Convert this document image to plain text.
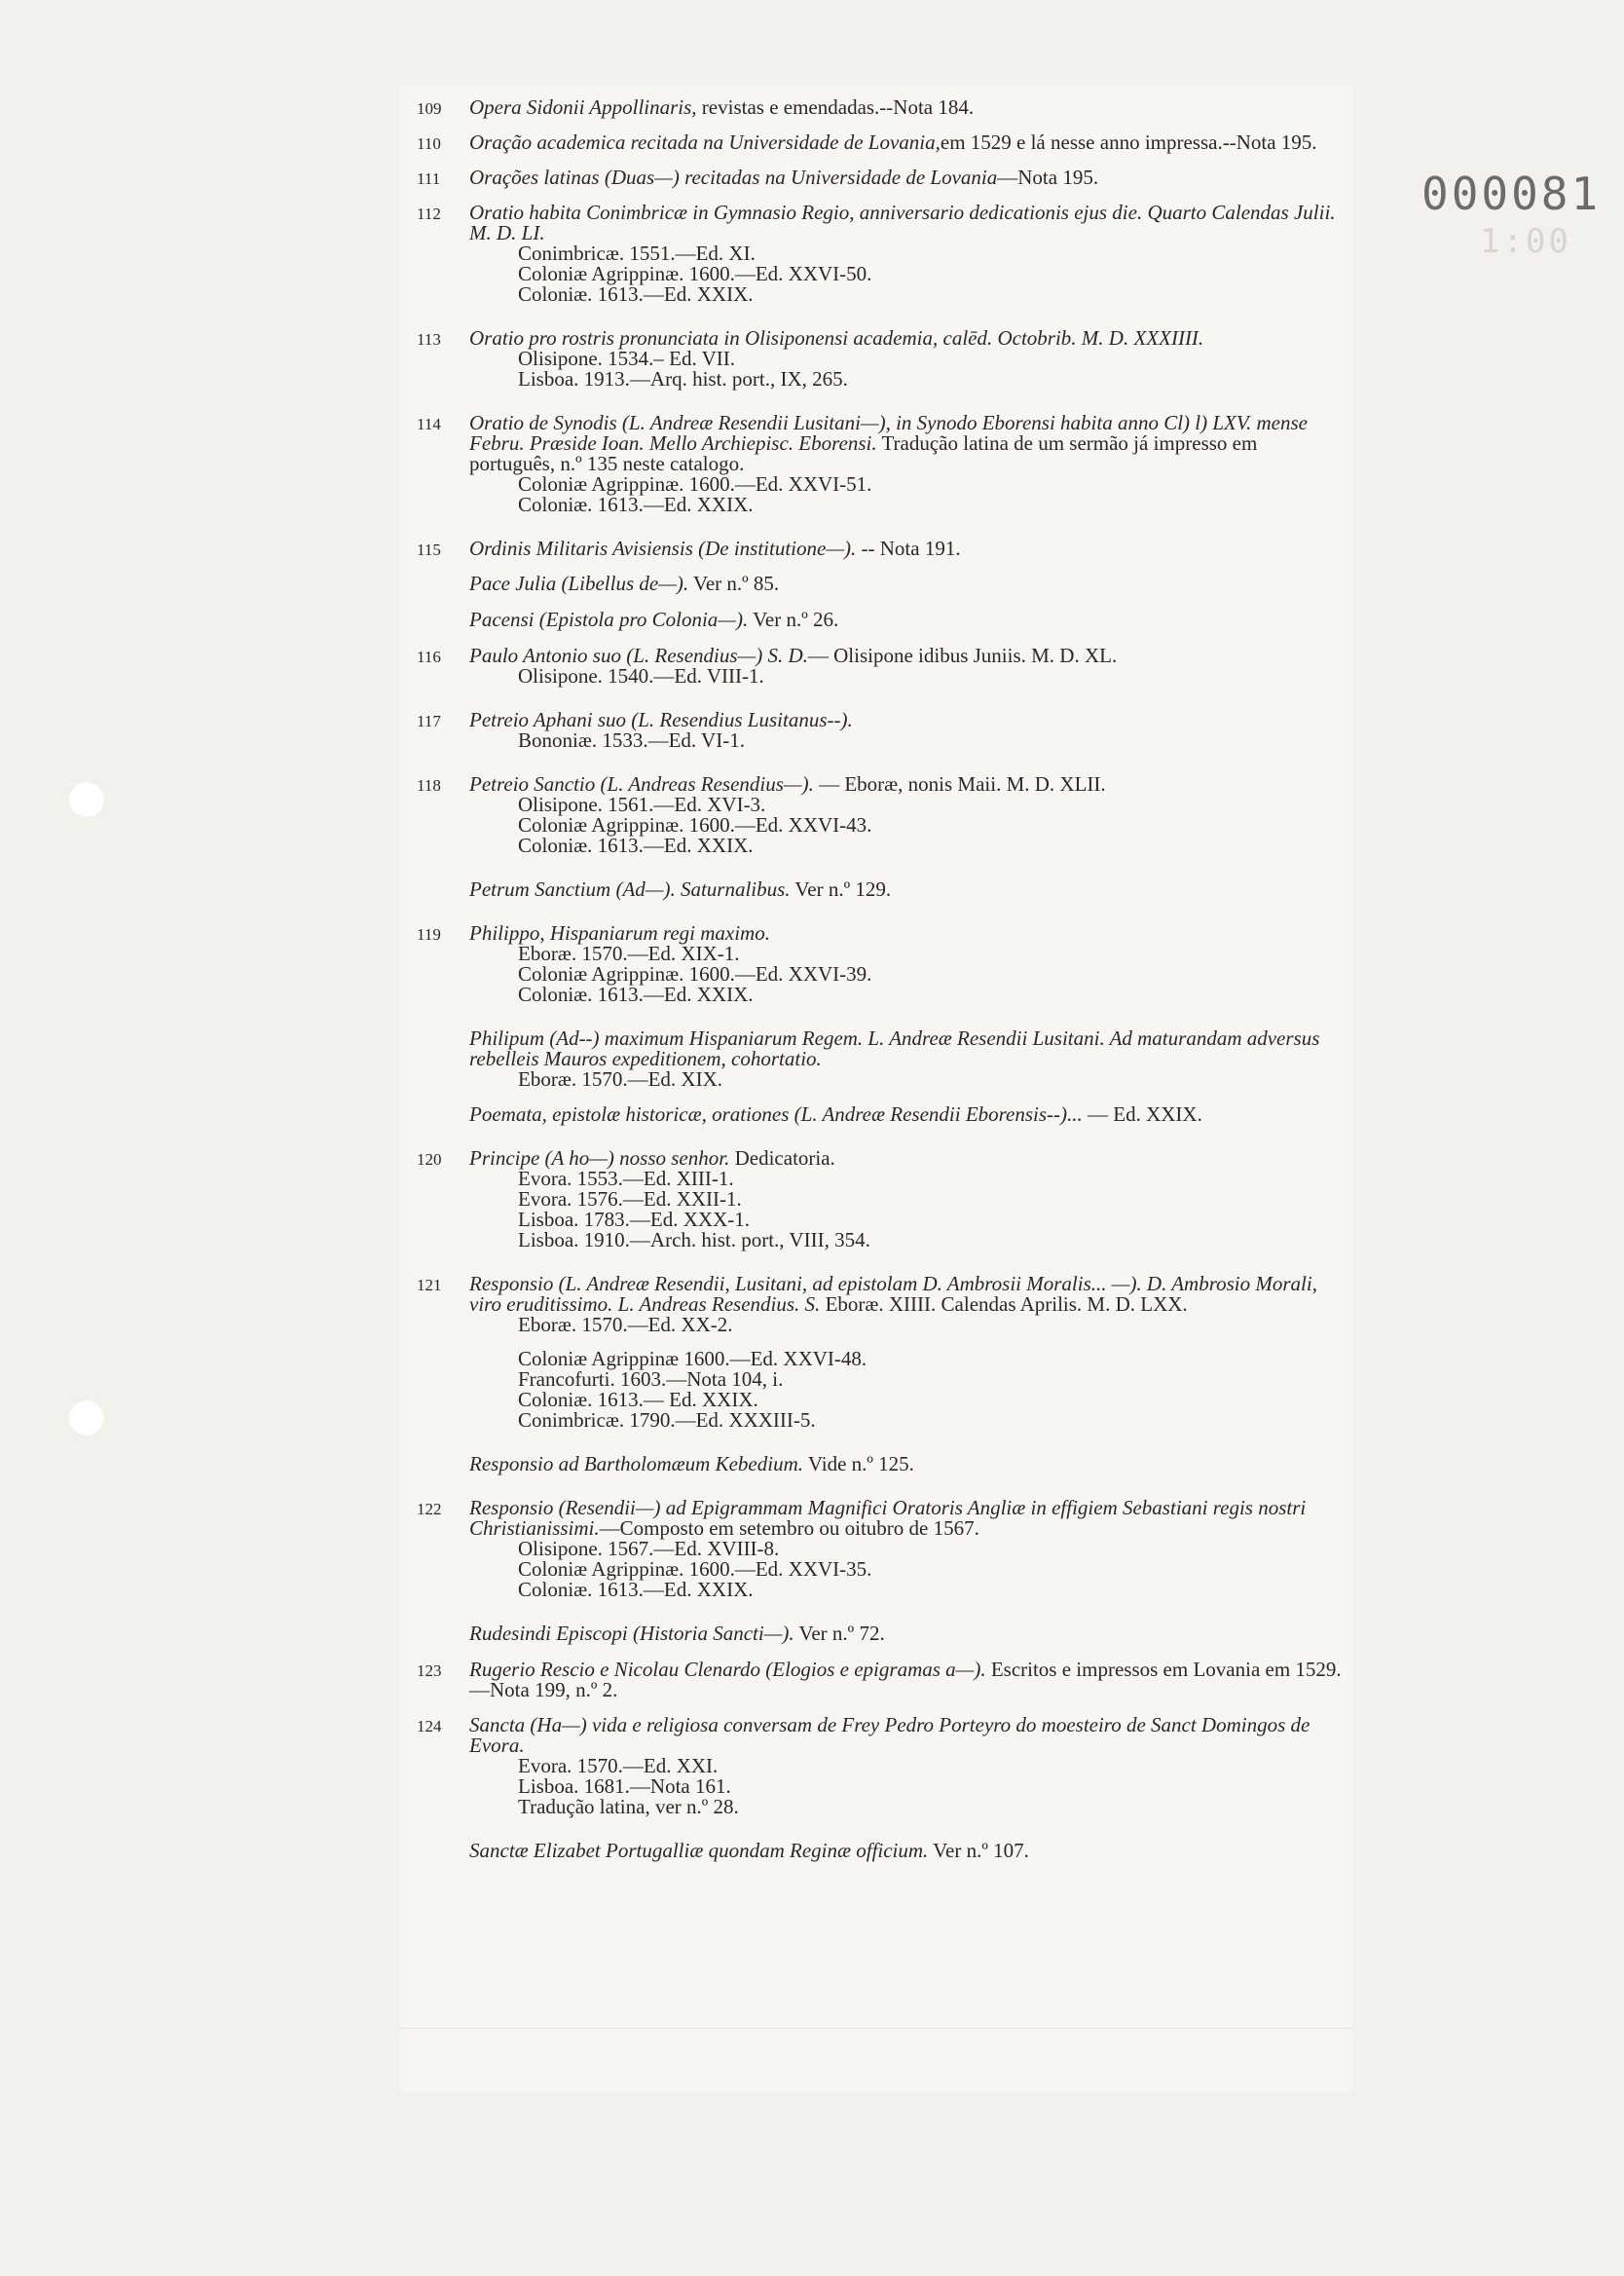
000081
1:00
109 Opera Sidonii Appollinaris, revistas e emendadas.--Nota 184.
110 Oração academica recitada na Universidade de Lovania,em 1529 e lá nesse anno impressa.--Nota 195.
111 Orações latinas (Duas—) recitadas na Universidade de Lovania—Nota 195.
112 Oratio habita Conimbricæ in Gymnasio Regio, anniversario dedicationis ejus die. Quarto Calendas Julii. M. D. LI.
Conimbricæ. 1551.—Ed. XI.
Coloniæ Agrippinæ. 1600.—Ed. XXVI-50.
Coloniæ. 1613.—Ed. XXIX.
113 Oratio pro rostris pronunciata in Olisiponensi academia, calēd. Octobrib. M. D. XXXIIII.
Olisipone. 1534.– Ed. VII.
Lisboa. 1913.—Arq. hist. port., IX, 265.
114 Oratio de Synodis (L. Andreæ Resendii Lusitani—), in Synodo Eborensi habita anno Cl) l) LXV. mense Febru. Præside Ioan. Mello Archiepisc. Eborensi. Tradução latina de um sermão já impresso em português, n.º 135 neste catalogo.
Coloniæ Agrippinæ. 1600.—Ed. XXVI-51.
Coloniæ. 1613.—Ed. XXIX.
115 Ordinis Militaris Avisiensis (De institutione—). -- Nota 191.
Pace Julia (Libellus de—). Ver n.º 85.
Pacensi (Epistola pro Colonia—). Ver n.º 26.
116 Paulo Antonio suo (L. Resendius—) S. D.— Olisipone idibus Juniis. M. D. XL.
Olisipone. 1540.—Ed. VIII-1.
117 Petreio Aphani suo (L. Resendius Lusitanus--).
Bononiæ. 1533.—Ed. VI-1.
118 Petreio Sanctio (L. Andreas Resendius—). — Eboræ, nonis Maii. M. D. XLII.
Olisipone. 1561.—Ed. XVI-3.
Coloniæ Agrippinæ. 1600.—Ed. XXVI-43.
Coloniæ. 1613.—Ed. XXIX.
Petrum Sanctium (Ad—). Saturnalibus. Ver n.º 129.
119 Philippo, Hispaniarum regi maximo.
Eboræ. 1570.—Ed. XIX-1.
Coloniæ Agrippinæ. 1600.—Ed. XXVI-39.
Coloniæ. 1613.—Ed. XXIX.
Philipum (Ad--) maximum Hispaniarum Regem. L. Andreæ Resendii Lusitani. Ad maturandam adversus rebelleis Mauros expeditionem, cohortatio.
Eboræ. 1570.—Ed. XIX.
Poemata, epistolæ historicæ, orationes (L. Andreæ Resendii Eborensis--)... — Ed. XXIX.
120 Principe (A ho—) nosso senhor. Dedicatoria.
Evora. 1553.—Ed. XIII-1.
Evora. 1576.—Ed. XXII-1.
Lisboa. 1783.—Ed. XXX-1.
Lisboa. 1910.—Arch. hist. port., VIII, 354.
121 Responsio (L. Andreæ Resendii, Lusitani, ad epistolam D. Ambrosii Moralis... —). D. Ambrosio Morali, viro eruditissimo. L. Andreas Resendius. S. Eboræ. XIIII. Calendas Aprilis. M. D. LXX.
Eboræ. 1570.—Ed. XX-2.
Coloniæ Agrippinæ 1600.—Ed. XXVI-48.
Francofurti. 1603.—Nota 104, i.
Coloniæ. 1613.— Ed. XXIX.
Conimbricæ. 1790.—Ed. XXXIII-5.
Responsio ad Bartholomæum Kebedium. Vide n.º 125.
122 Responsio (Resendii—) ad Epigrammam Magnifici Oratoris Angliæ in effigiem Sebastiani regis nostri Christianissimi.—Composto em setembro ou oitubro de 1567.
Olisipone. 1567.—Ed. XVIII-8.
Coloniæ Agrippinæ. 1600.—Ed. XXVI-35.
Coloniæ. 1613.—Ed. XXIX.
Rudesindi Episcopi (Historia Sancti—). Ver n.º 72.
123 Rugerio Rescio e Nicolau Clenardo (Elogios e epigramas a—). Escritos e impressos em Lovania em 1529.—Nota 199, n.º 2.
124 Sancta (Ha—) vida e religiosa conversam de Frey Pedro Porteyro do moesteiro de Sanct Domingos de Evora.
Evora. 1570.—Ed. XXI.
Lisboa. 1681.—Nota 161.
Tradução latina, ver n.º 28.
Sanctæ Elizabet Portugalliæ quondam Reginæ officium. Ver n.º 107.
